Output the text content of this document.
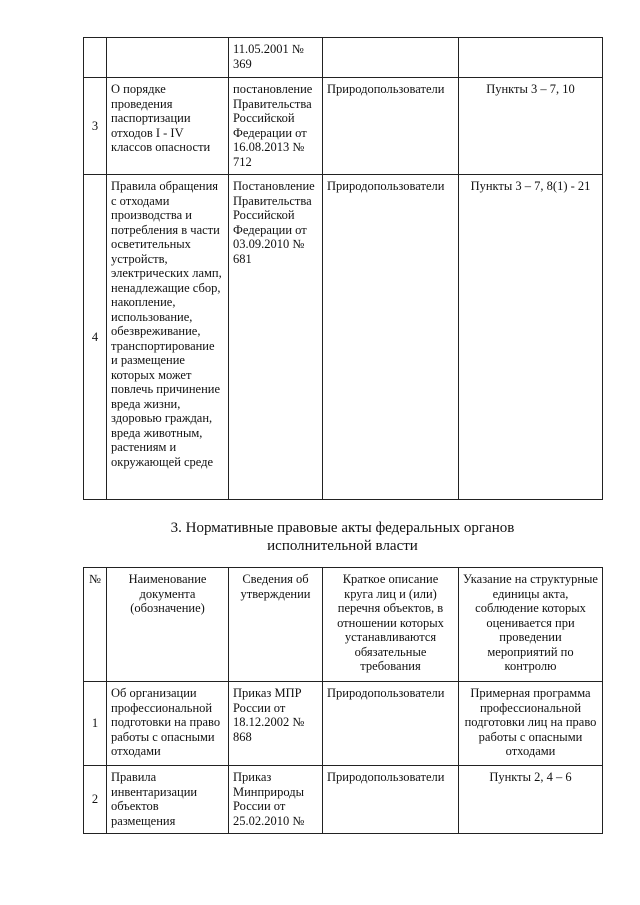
		11.05.2001 № 369		
3	О порядке проведения паспортизации отходов I - IV классов опасности	постановление Правительства Российской Федерации от 16.08.2013 № 712	Природопользователи	Пункты 3 – 7, 10
4	Правила обращения с отходами производства и потребления в части осветительных устройств, электрических ламп, ненадлежащие сбор, накопление, использование, обезвреживание, транспортирование и размещение которых может повлечь причинение вреда жизни, здоровью граждан, вреда животным, растениям и окружающей среде	Постановление Правительства Российской Федерации от 03.09.2010 № 681	Природопользователи	Пункты 3 – 7, 8(1) - 21
3. Нормативные правовые акты федеральных органов
исполнительной власти
№	Наименование документа (обозначение)	Сведения об утверждении	Краткое описание круга лиц и (или) перечня объектов, в отношении которых устанавливаются обязательные требования	Указание на структурные единицы акта, соблюдение которых оценивается при проведении мероприятий по контролю
1	Об организации профессиональной подготовки на право работы с опасными отходами	Приказ МПР России от 18.12.2002 № 868	Природопользователи	Примерная программа профессиональной подготовки лиц на право работы с опасными отходами
2	Правила инвентаризации объектов размещения	Приказ Минприроды России от 25.02.2010 №	Природопользователи	Пункты 2, 4 – 6
